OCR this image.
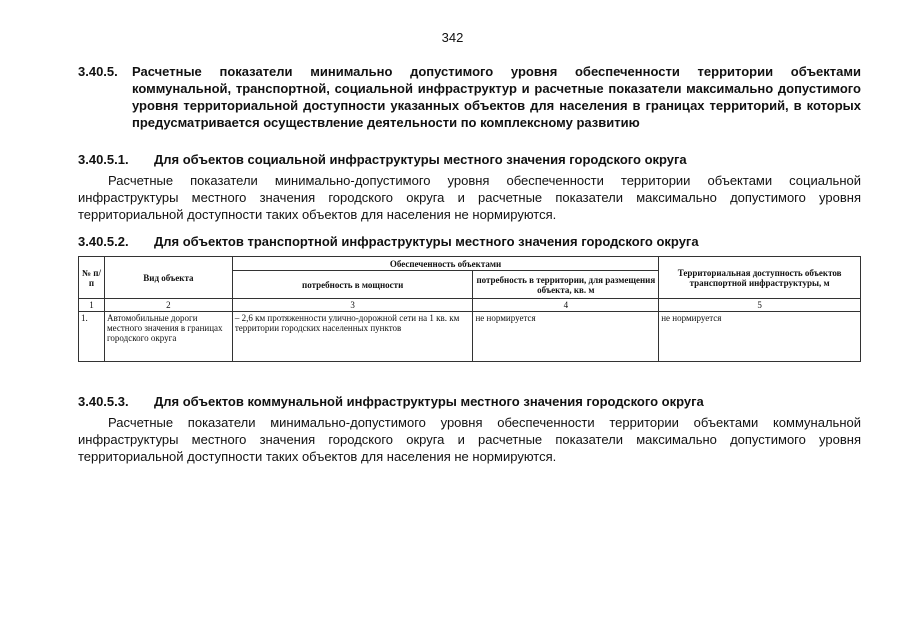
342
3.40.5.	Расчетные показатели минимально допустимого уровня обеспеченности территории объектами коммунальной, транспортной, социальной инфраструктур и расчетные показатели максимально допустимого уровня территориальной доступности указанных объектов для населения в границах территорий, в которых предусматривается осуществление деятельности по комплексному развитию
3.40.5.1.	Для объектов социальной инфраструктуры местного значения городского округа
Расчетные показатели минимально-допустимого уровня обеспеченности территории объектами социальной инфраструктуры местного значения городского округа и расчетные показатели максимально допустимого уровня территориальной доступности таких объектов для населения не нормируются.
3.40.5.2.	Для объектов транспортной инфраструктуры местного значения городского округа
№ п/п	Вид объекта	Обеспеченность объектами		Территориальная доступность объектов транспортной инфраструктуры, м
		потребность в мощности	потребность в территории, для размещения объекта, кв. м	
1	2	3	4	5
1.	Автомобильные дороги местного значения в границах городского округа	– 2,6 км протяженности улично-дорожной сети на 1 кв. км территории городских населенных пунктов	не нормируется	не нормируется
3.40.5.3.	Для объектов коммунальной инфраструктуры местного значения городского округа
Расчетные показатели минимально-допустимого уровня обеспеченности территории объектами коммунальной инфраструктуры местного значения городского округа и расчетные показатели максимально допустимого уровня территориальной доступности таких объектов для населения не нормируются.
